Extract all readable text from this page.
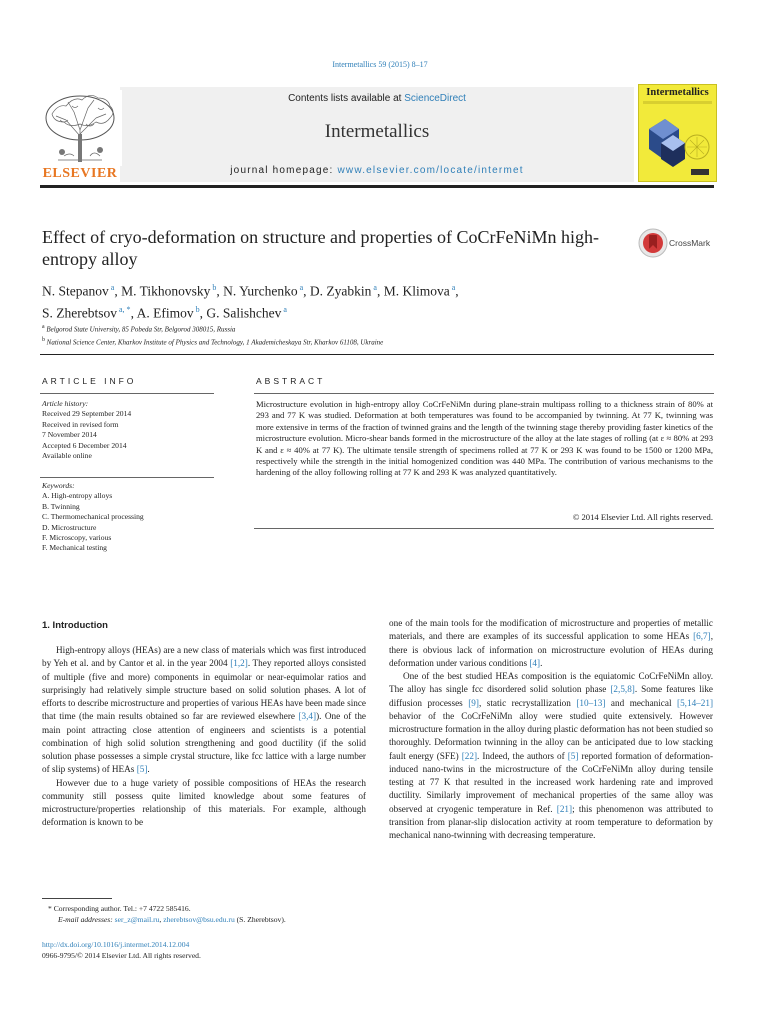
Intermetallics 59 (2015) 8–17
Contents lists available at ScienceDirect
Intermetallics
journal homepage: www.elsevier.com/locate/intermet
ELSEVIER
Intermetallics
Effect of cryo-deformation on structure and properties of CoCrFeNiMn high-entropy alloy
CrossMark
N. Stepanov $^a$, M. Tikhonovsky $^b$, N. Yurchenko $^a$, D. Zyabkin $^a$, M. Klimova $^a$,
S. Zherebtsov $^{a, *}$, A. Efimov $^b$, G. Salishchev $^a$
$^a$ Belgorod State University, 85 Pobeda Str, Belgorod 308015, Russia
$^b$ National Science Center, Kharkov Institute of Physics and Technology, 1 Akademicheskaya Str, Kharkov 61108, Ukraine
ARTICLE INFO	ABSTRACT
Article history:
Received 29 September 2014
Received in revised form
7 November 2014
Accepted 6 December 2014
Available online
Keywords:
A. High-entropy alloys
B. Twinning
C. Thermomechanical processing
D. Microstructure
F. Microscopy, various
F. Mechanical testing
Microstructure evolution in high-entropy alloy CoCrFeNiMn during plane-strain multipass rolling to a thickness strain of 80% at 293 and 77 K was studied. Deformation at both temperatures was found to be accompanied by twinning. At 77 K, twinning was more extensive in terms of the fraction of twinned grains and the length of the twinning stage thereby providing faster kinetics of the microstructure evolution. Micro-shear bands formed in the microstructure of the alloy at the late stages of rolling (at ε ≈ 80% at 293 K and ε ≈ 40% at 77 K). The ultimate tensile strength of specimens rolled at 77 K or 293 K was found to be 1500 or 1200 MPa, respectively while the strength in the initial homogenized condition was 440 MPa. The contribution of various mechanisms to the hardening of the alloy following rolling at 77 K and 293 K was analyzed quantitatively.
© 2014 Elsevier Ltd. All rights reserved.
1. Introduction

High-entropy alloys (HEAs) are a new class of materials which was first introduced by Yeh et al. and by Cantor et al. in the year 2004 [1,2]. They reported alloys consisted of multiple (five and more) components in equimolar or near-equimolar ratios and surprisingly had relatively simple structure based on solid solution phases. A lot of efforts to describe microstructure and properties of various HEAs have been made since that time (the main results obtained so far are reviewed elsewhere [3,4]). One of the main point attracting close attention of engineers and scientists is a potential combination of high solid solution strengthening and good ductility (if the solid solution phase possesses a simple crystal structure, like fcc lattice with a large number of slip systems) of HEAs [5].

However due to a huge variety of possible compositions of HEAs the research community still possess quite limited knowledge about some features of microstructure/properties relationship of this materials. For example, although deformation is known to be

one of the main tools for the modification of microstructure and properties of metallic materials, and there are examples of its successful application to some HEAs [6,7], there is obvious lack of information on microstructure evolution of HEAs during deformation under various conditions [4].

One of the best studied HEAs composition is the equiatomic CoCrFeNiMn alloy. The alloy has single fcc disordered solid solution phase [2,5,8]. Some features like diffusion processes [9], static recrystallization [10–13] and mechanical [5,14–21] behavior of the CoCrFeNiMn alloy were studied quite extensively. However microstructure formation in the alloy during plastic deformation has not been studied so thoroughly. Deformation twinning in the alloy can be anticipated due to low stacking fault energy (SFE) [22]. Indeed, the authors of [5] reported formation of deformation-induced nano-twins in the microstructure of the CoCrFeNiMn alloy during tensile testing at 77 K that resulted in the increased work hardening rate and improved ductility. Similarly improvement of mechanical properties of the same alloy was observed at cryogenic temperature in Ref. [21]; this phenomenon was attributed to transition from planar-slip dislocation activity at room temperature to deformation by mechanical nano-twinning with decreasing temperature.

* Corresponding author. Tel.: +7 4722 585416.
E-mail addresses: ser_z@mail.ru, zherebtsov@bsu.edu.ru (S. Zherebtsov).
http://dx.doi.org/10.1016/j.intermet.2014.12.004
0966-9795/© 2014 Elsevier Ltd. All rights reserved.
